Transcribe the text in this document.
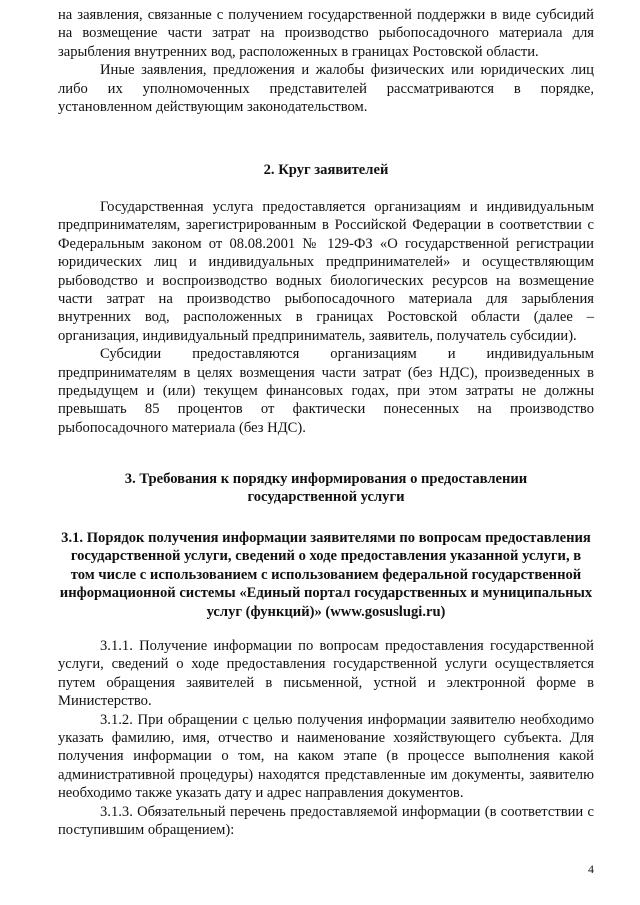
на заявления, связанные с получением государственной поддержки в виде субсидий на возмещение части затрат на производство рыбопосадочного материала для зарыбления внутренних вод, расположенных в границах Ростовской области.

Иные заявления, предложения и жалобы физических или юридических лиц либо их уполномоченных представителей рассматриваются в порядке, установленном действующим законодательством.

2. Круг заявителей

Государственная услуга предоставляется организациям и индивидуальным предпринимателям, зарегистрированным в Российской Федерации в соответствии с Федеральным законом от 08.08.2001 № 129-ФЗ «О государственной регистрации юридических лиц и индивидуальных предпринимателей» и осуществляющим рыбоводство и воспроизводство водных биологических ресурсов на возмещение части затрат на производство рыбопосадочного материала для зарыбления внутренних вод, расположенных в границах Ростовской области (далее – организация, индивидуальный предприниматель, заявитель, получатель субсидии).

Субсидии предоставляются организациям и индивидуальным предпринимателям в целях возмещения части затрат (без НДС), произведенных в предыдущем и (или) текущем финансовых годах, при этом затраты не должны превышать 85 процентов от фактически понесенных на производство рыбопосадочного материала (без НДС).

3. Требования к порядку информирования о предоставлении государственной услуги

3.1. Порядок получения информации заявителями по вопросам предоставления государственной услуги, сведений о ходе предоставления указанной услуги, в том числе с использованием с использованием федеральной государственной информационной системы «Единый портал государственных и муниципальных услуг (функций)» (www.gosuslugi.ru)

3.1.1. Получение информации по вопросам предоставления государственной услуги, сведений о ходе предоставления государственной услуги осуществляется путем обращения заявителей в письменной, устной и электронной форме в Министерство.

3.1.2. При обращении с целью получения информации заявителю необходимо указать фамилию, имя, отчество и наименование хозяйствующего субъекта. Для получения информации о том, на каком этапе (в процессе выполнения какой административной процедуры) находятся представленные им документы, заявителю необходимо также указать дату и адрес направления документов.

3.1.3. Обязательный перечень предоставляемой информации (в соответствии с поступившим обращением):

4
